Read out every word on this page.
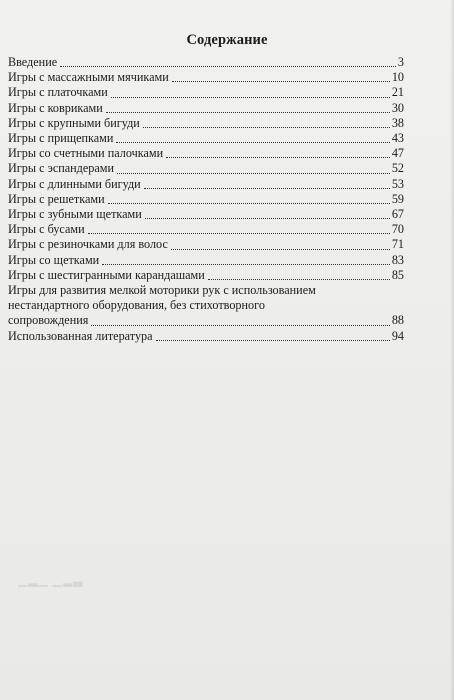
Содержание
Введение	3
Игры с массажными мячиками	10
Игры с платочками	21
Игры с ковриками	30
Игры с крупными бигуди	38
Игры с прищепками	43
Игры со счетными палочками	47
Игры с эспандерами	52
Игры с длинными бигуди	53
Игры с решетками	59
Игры с зубными щетками	67
Игры с бусами	70
Игры с резиночками для волос	71
Игры со щетками	83
Игры с шестигранными карандашами	85
Игры для развития мелкой моторики рук с использованием
нестандартного оборудования, без стихотворного
сопровождения	88
Использованная литература	94
▁▂▁ ▁▂▃
